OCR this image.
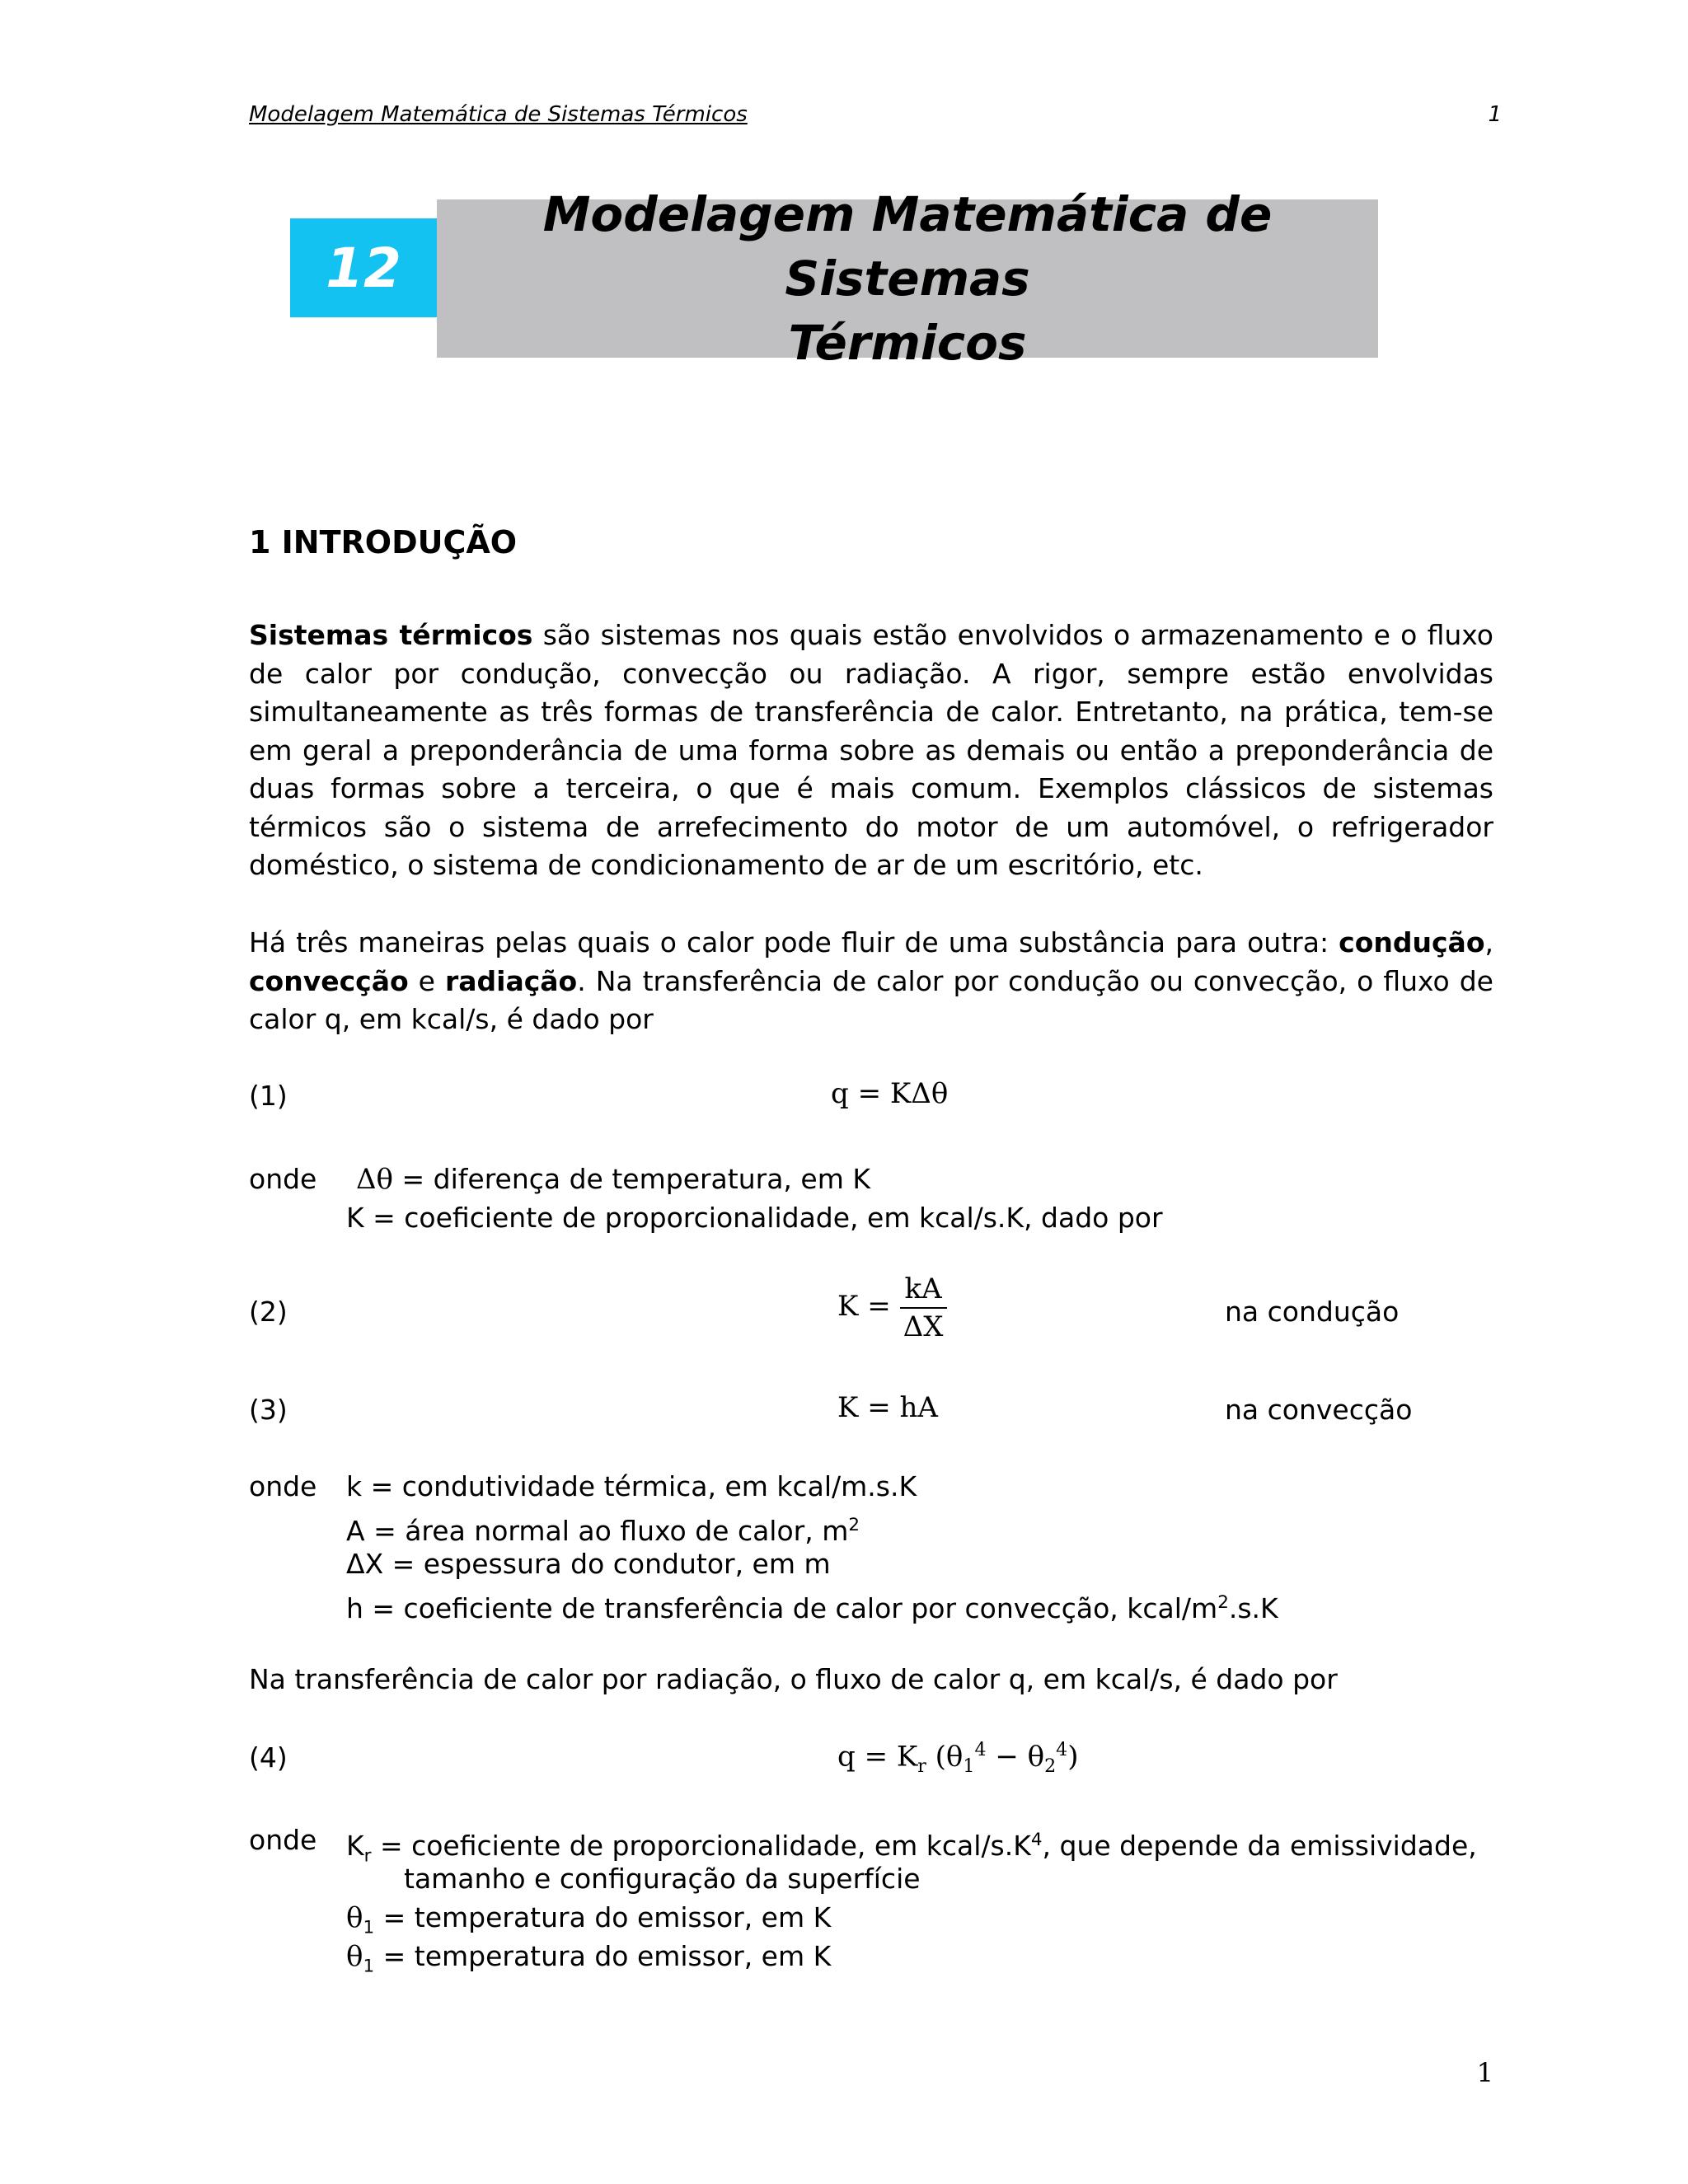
Modelagem Matemática de Sistemas Térmicos	1
12
Modelagem Matemática de Sistemas
Térmicos
1 INTRODUÇÃO
Sistemas térmicos são sistemas nos quais estão envolvidos o armazenamento e o fluxo de calor por condução, convecção ou radiação. A rigor, sempre estão envolvidas simultaneamente as três formas de transferência de calor. Entretanto, na prática, tem-se em geral a preponderância de uma forma sobre as demais ou então a preponderância de duas formas sobre a terceira, o que é mais comum. Exemplos clássicos de sistemas térmicos são o sistema de arrefecimento do motor de um automóvel, o refrigerador doméstico, o sistema de condicionamento de ar de um escritório, etc.
Há três maneiras pelas quais o calor pode fluir de uma substância para outra: condução, convecção e radiação. Na transferência de calor por condução ou convecção, o fluxo de calor q, em kcal/s, é dado por
(1)	q = KΔθ
onde Δθ = diferença de temperatura, em K
K = coeficiente de proporcionalidade, em kcal/s.K, dado por
(2)	$K = \frac{kA}{\Delta X}$	na condução
(3)	K = hA	na convecção
onde k = condutividade térmica, em kcal/m.s.K
A = área normal ao fluxo de calor, $m^2$
ΔX = espessura do condutor, em m
h = coeficiente de transferência de calor por convecção, kcal/$m^2.s.K$
Na transferência de calor por radiação, o fluxo de calor q, em kcal/s, é dado por
(4)	$q = K_r$ $(\theta_1^4 - \theta_2^4)$
onde $K_r$ = coeficiente de proporcionalidade, em kcal/$s.K^4$, que depende da emissividade,
tamanho e configuração da superfície
$\theta_1$ = temperatura do emissor, em K
$\theta_1$ = temperatura do emissor, em K
1
